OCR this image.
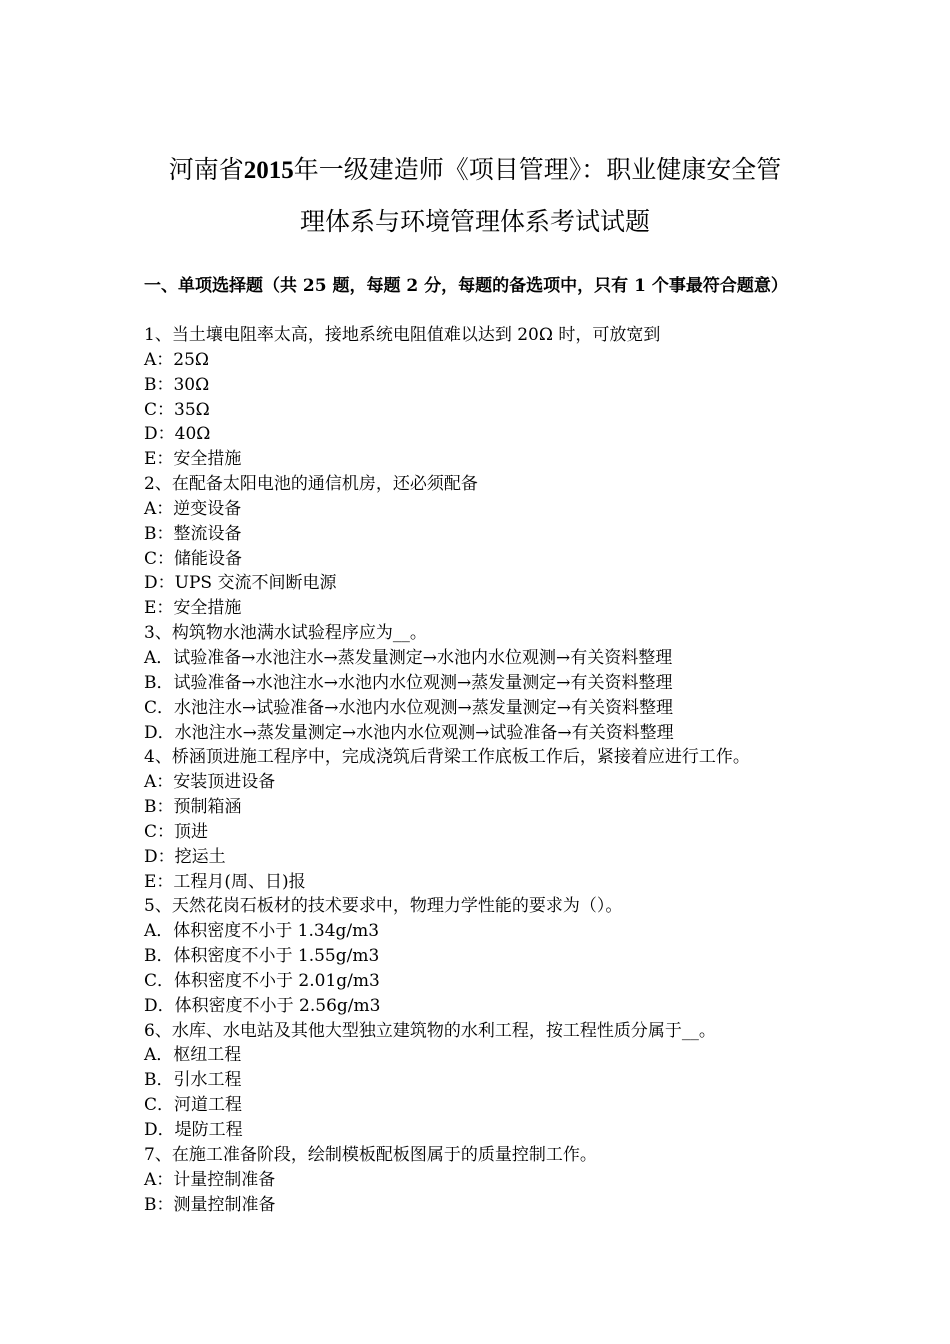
河南省2015年一级建造师《项目管理》：职业健康安全管
理体系与环境管理体系考试试题
一、单项选择题（共 25 题，每题 2 分，每题的备选项中，只有 1 个事最符合题意）
1、当土壤电阻率太高，接地系统电阻值难以达到 20Ω 时，可放宽到
A：25Ω
B：30Ω
C：35Ω
D：40Ω
E：安全措施
2、在配备太阳电池的通信机房，还必须配备
A：逆变设备
B：整流设备
C：储能设备
D：UPS 交流不间断电源
E：安全措施
3、构筑物水池满水试验程序应为__。
A．试验准备→水池注水→蒸发量测定→水池内水位观测→有关资料整理
B．试验准备→水池注水→水池内水位观测→蒸发量测定→有关资料整理
C．水池注水→试验准备→水池内水位观测→蒸发量测定→有关资料整理
D．水池注水→蒸发量测定→水池内水位观测→试验准备→有关资料整理
4、桥涵顶进施工程序中，完成浇筑后背梁工作底板工作后，紧接着应进行工作。
A：安装顶进设备
B：预制箱涵
C：顶进
D：挖运土
E：工程月(周、日)报
5、天然花岗石板材的技术要求中，物理力学性能的要求为（）。
A．体积密度不小于 1.34g/m3
B．体积密度不小于 1.55g/m3
C．体积密度不小于 2.01g/m3
D．体积密度不小于 2.56g/m3
6、水库、水电站及其他大型独立建筑物的水利工程，按工程性质分属于__。
A．枢纽工程
B．引水工程
C．河道工程
D．堤防工程
7、在施工准备阶段，绘制模板配板图属于的质量控制工作。
A：计量控制准备
B：测量控制准备
